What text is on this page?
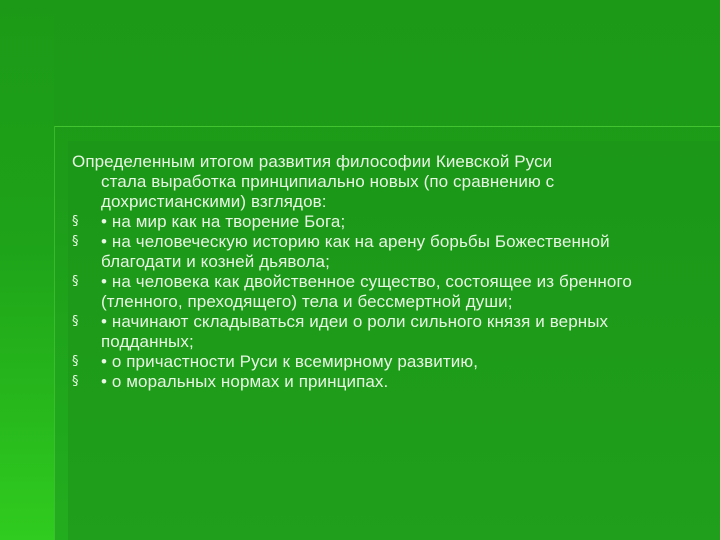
Определенным итогом развития философии Киевской Руси
стала выработка принципиально новых (по сравнению с дохристианскими) взглядов:

§	• на мир как на творение Бога;
§	• на человеческую историю как на арену борьбы Божественной благодати и козней дьявола;
§	• на человека как двойственное существо, состоящее из бренного (тленного, преходящего) тела и бессмертной души;
§	• начинают складываться идеи о роли сильного князя и верных подданных;
§	• о причастности Руси к всемирному развитию,
§	• о моральных нормах и принципах.
